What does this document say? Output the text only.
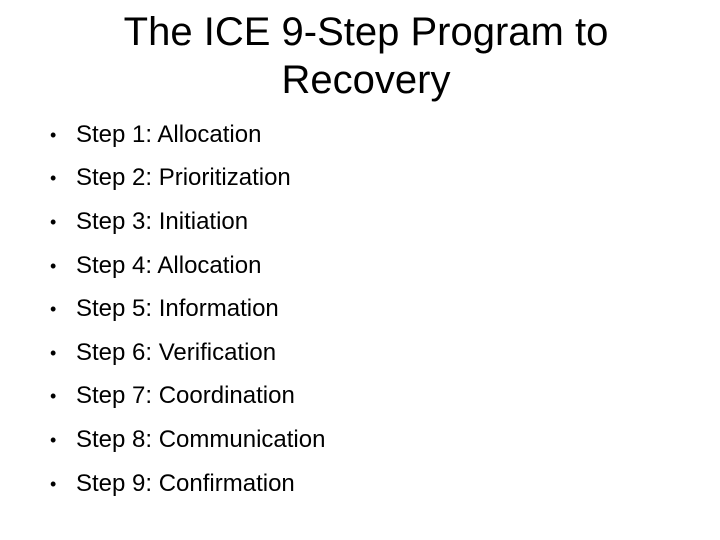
The ICE 9-Step Program to
Recovery
• Step 1: Allocation
• Step 2: Prioritization
• Step 3: Initiation
• Step 4: Allocation
• Step 5: Information
• Step 6: Verification
• Step 7: Coordination
• Step 8: Communication
• Step 9: Confirmation
